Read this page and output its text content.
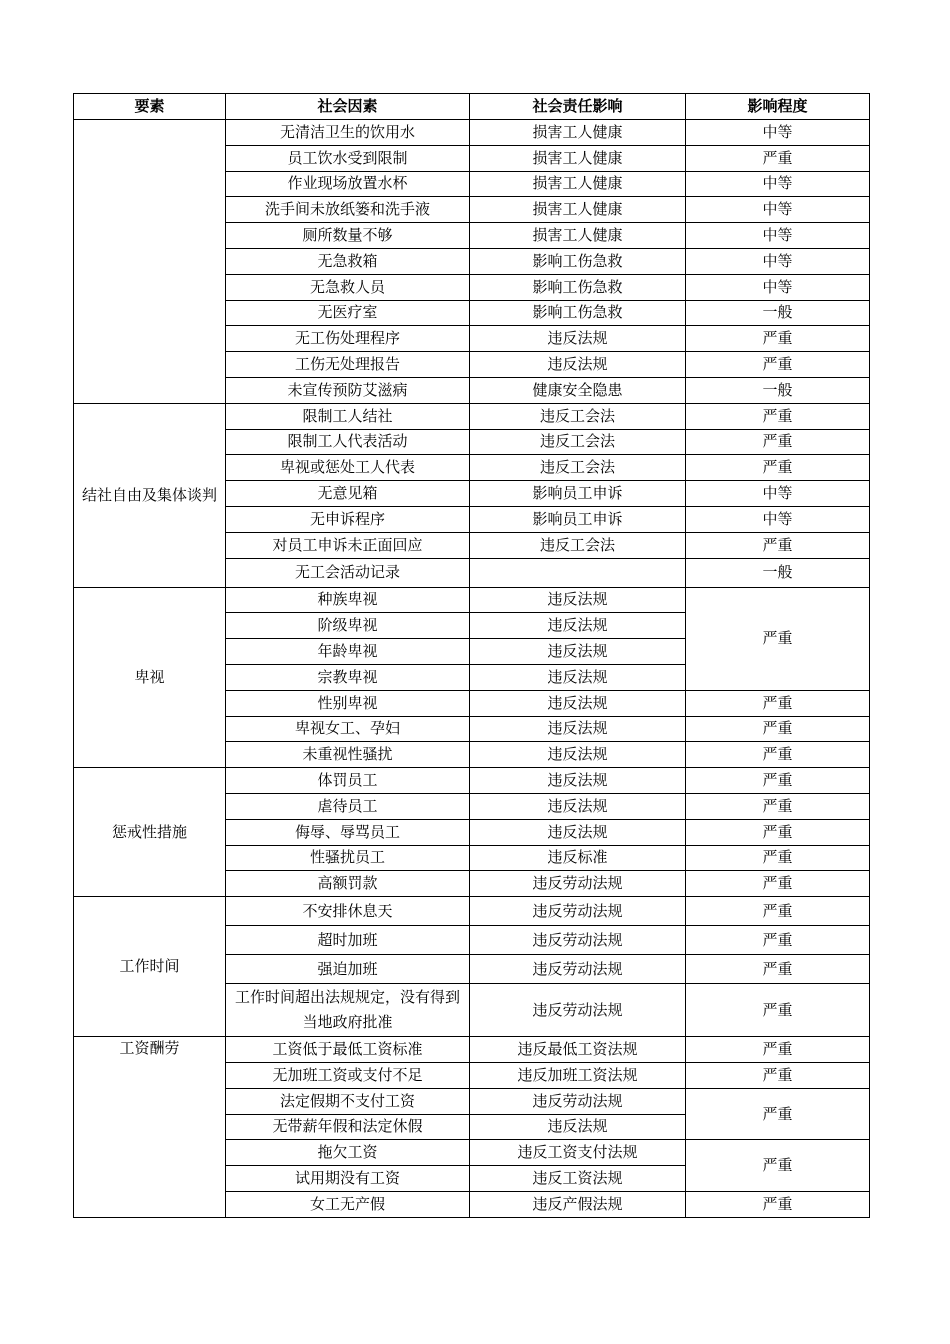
要素	社会因素	社会责任影响	影响程度
	无清洁卫生的饮用水	损害工人健康	中等
	员工饮水受到限制	损害工人健康	严重
	作业现场放置水杯	损害工人健康	中等
	洗手间未放纸篓和洗手液	损害工人健康	中等
	厕所数量不够	损害工人健康	中等
	无急救箱	影响工伤急救	中等
	无急救人员	影响工伤急救	中等
	无医疗室	影响工伤急救	一般
	无工伤处理程序	违反法规	严重
	工伤无处理报告	违反法规	严重
	未宣传预防艾滋病	健康安全隐患	一般
结社自由及集体谈判	限制工人结社	违反工会法	严重
	限制工人代表活动	违反工会法	严重
	卑视或惩处工人代表	违反工会法	严重
	无意见箱	影响员工申诉	中等
	无申诉程序	影响员工申诉	中等
	对员工申诉未正面回应	违反工会法	严重
	无工会活动记录		一般
卑视	种族卑视	违反法规	严重
	阶级卑视	违反法规	
	年龄卑视	违反法规	
	宗教卑视	违反法规	
	性别卑视	违反法规	严重
	卑视女工、孕妇	违反法规	严重
	未重视性骚扰	违反法规	严重
惩戒性措施	体罚员工	违反法规	严重
	虐待员工	违反法规	严重
	侮辱、辱骂员工	违反法规	严重
	性骚扰员工	违反标准	严重
	高额罚款	违反劳动法规	严重
工作时间	不安排休息天	违反劳动法规	严重
	超时加班	违反劳动法规	严重
	强迫加班	违反劳动法规	严重
	工作时间超出法规规定，没有得到当地政府批准	违反劳动法规	严重
工资酬劳	工资低于最低工资标准	违反最低工资法规	严重
	无加班工资或支付不足	违反加班工资法规	严重
	法定假期不支付工资	违反劳动法规	严重
	无带薪年假和法定休假	违反法规	
	拖欠工资	违反工资支付法规	严重
	试用期没有工资	违反工资法规	
	女工无产假	违反产假法规	严重
